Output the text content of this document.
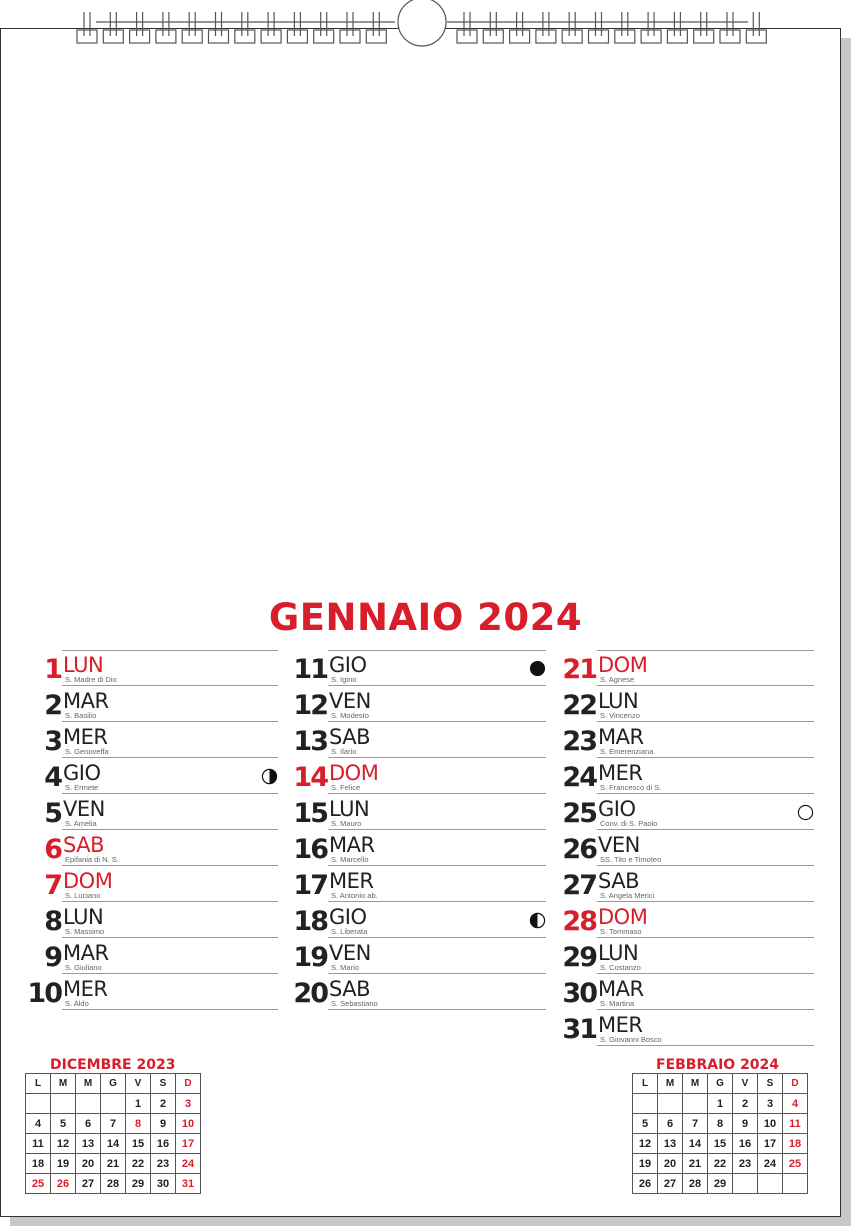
GENNAIO 2024
1 LUN
S. Madre di Dio
2 MAR
S. Basilio
3 MER
S. Genoveffa
4 GIO
S. Ermete
5 VEN
S. Amelia
6 SAB
Epifania di N. S.
7 DOM
S. Luciano
8 LUN
S. Massimo
9 MAR
S. Giuliano
10 MER
S. Aldo
11 GIO
S. Igino
12 VEN
S. Modesto
13 SAB
S. Ilario
14 DOM
S. Felice
15 LUN
S. Mauro
16 MAR
S. Marcello
17 MER
S. Antonio ab.
18 GIO
S. Liberata
19 VEN
S. Mario
20 SAB
S. Sebastiano
21 DOM
S. Agnese
22 LUN
S. Vincenzo
23 MAR
S. Emerenziana
24 MER
S. Francesco di S.
25 GIO
Conv. di S. Paolo
26 VEN
SS. Tito e Timoteo
27 SAB
S. Angela Merici
28 DOM
S. Tommaso
29 LUN
S. Costanzo
30 MAR
S. Martina
31 MER
S. Giovanni Bosco
DICEMBRE 2023
L	M	M	G	V	S	D
				1	2	3
4	5	6	7	8	9	10
11	12	13	14	15	16	17
18	19	20	21	22	23	24
25	26	27	28	29	30	31
FEBBRAIO 2024
L	M	M	G	V	S	D
			1	2	3	4
5	6	7	8	9	10	11
12	13	14	15	16	17	18
19	20	21	22	23	24	25
26	27	28	29			
